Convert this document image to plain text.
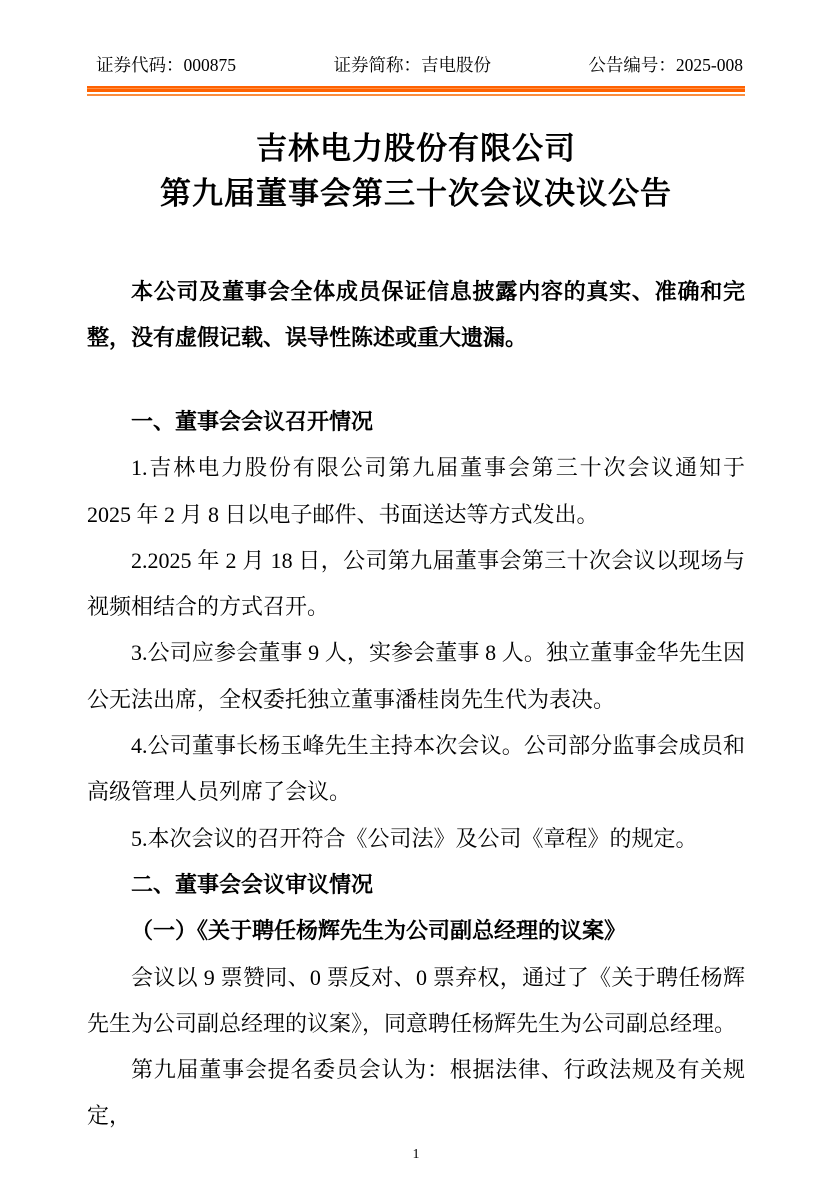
证券代码：000875	证券简称：吉电股份	公告编号：2025-008
吉林电力股份有限公司
第九届董事会第三十次会议决议公告
本公司及董事会全体成员保证信息披露内容的真实、准确和完整，没有虚假记载、误导性陈述或重大遗漏。
一、董事会会议召开情况
1.吉林电力股份有限公司第九届董事会第三十次会议通知于 2025 年 2 月 8 日以电子邮件、书面送达等方式发出。
2.2025 年 2 月 18 日，公司第九届董事会第三十次会议以现场与视频相结合的方式召开。
3.公司应参会董事 9 人，实参会董事 8 人。独立董事金华先生因公无法出席，全权委托独立董事潘桂岗先生代为表决。
4.公司董事长杨玉峰先生主持本次会议。公司部分监事会成员和高级管理人员列席了会议。
5.本次会议的召开符合《公司法》及公司《章程》的规定。
二、董事会会议审议情况
（一）《关于聘任杨辉先生为公司副总经理的议案》
会议以 9 票赞同、0 票反对、0 票弃权，通过了《关于聘任杨辉先生为公司副总经理的议案》，同意聘任杨辉先生为公司副总经理。
第九届董事会提名委员会认为：根据法律、行政法规及有关规定，
1
